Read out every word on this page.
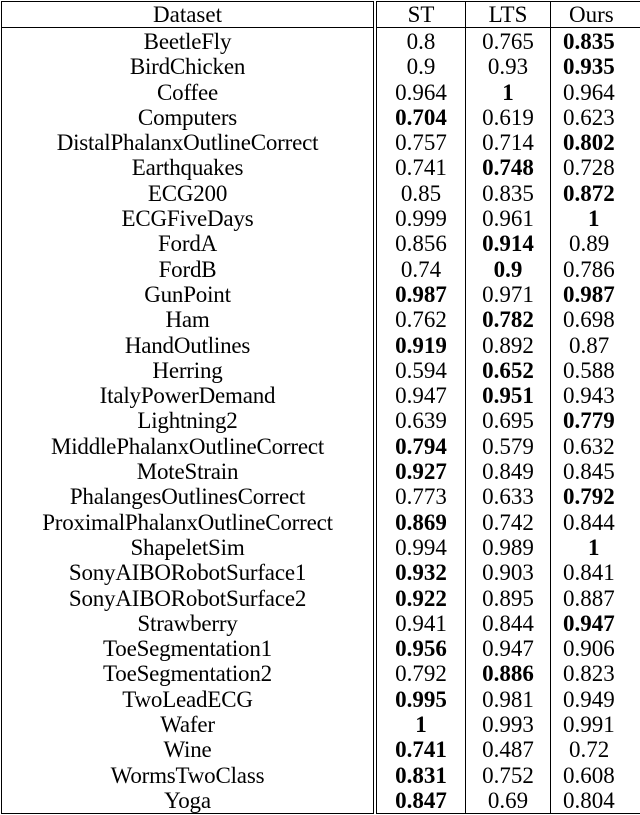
Dataset	ST	LTS	Ours
BeetleFly	0.8	0.765	0.835
BirdChicken	0.9	0.93	0.935
Coffee	0.964	1	0.964
Computers	0.704	0.619	0.623
DistalPhalanxOutlineCorrect	0.757	0.714	0.802
Earthquakes	0.741	0.748	0.728
ECG200	0.85	0.835	0.872
ECGFiveDays	0.999	0.961	1
FordA	0.856	0.914	0.89
FordB	0.74	0.9	0.786
GunPoint	0.987	0.971	0.987
Ham	0.762	0.782	0.698
HandOutlines	0.919	0.892	0.87
Herring	0.594	0.652	0.588
ItalyPowerDemand	0.947	0.951	0.943
Lightning2	0.639	0.695	0.779
MiddlePhalanxOutlineCorrect	0.794	0.579	0.632
MoteStrain	0.927	0.849	0.845
PhalangesOutlinesCorrect	0.773	0.633	0.792
ProximalPhalanxOutlineCorrect	0.869	0.742	0.844
ShapeletSim	0.994	0.989	1
SonyAIBORobotSurface1	0.932	0.903	0.841
SonyAIBORobotSurface2	0.922	0.895	0.887
Strawberry	0.941	0.844	0.947
ToeSegmentation1	0.956	0.947	0.906
ToeSegmentation2	0.792	0.886	0.823
TwoLeadECG	0.995	0.981	0.949
Wafer	1	0.993	0.991
Wine	0.741	0.487	0.72
WormsTwoClass	0.831	0.752	0.608
Yoga	0.847	0.69	0.804
